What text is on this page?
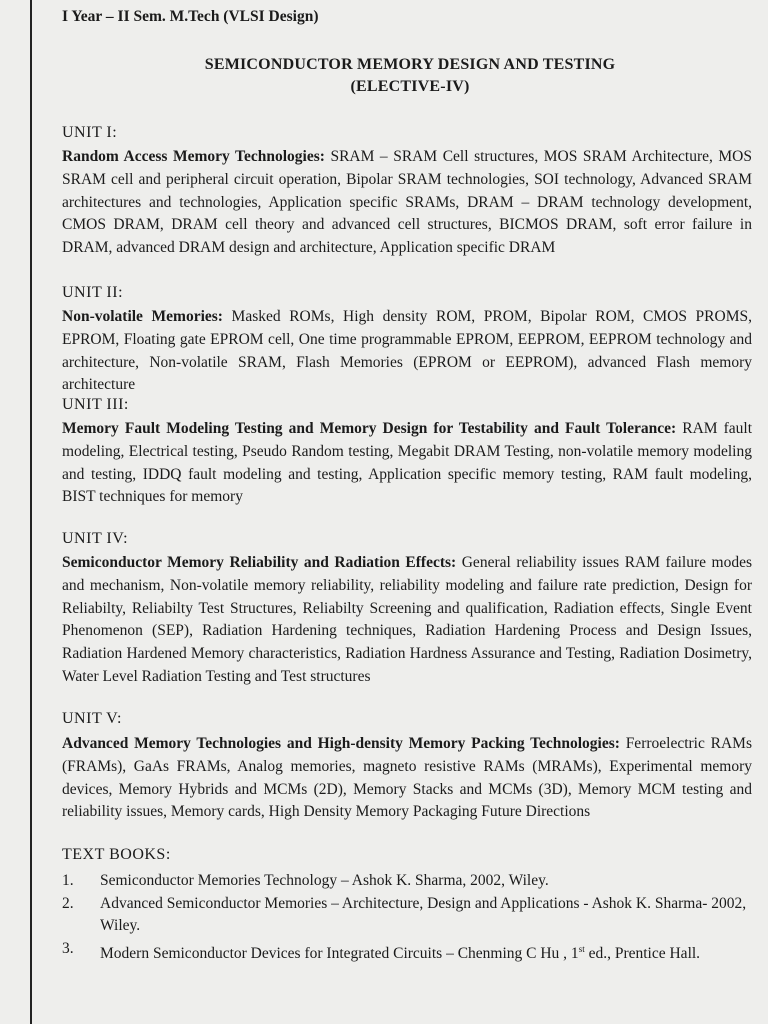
I Year – II Sem. M.Tech (VLSI Design)
SEMICONDUCTOR MEMORY DESIGN AND TESTING
(ELECTIVE-IV)
UNIT I:
Random Access Memory Technologies: SRAM – SRAM Cell structures, MOS SRAM Architecture, MOS SRAM cell and peripheral circuit operation, Bipolar SRAM technologies, SOI technology, Advanced SRAM architectures and technologies, Application specific SRAMs, DRAM – DRAM technology development, CMOS DRAM, DRAM cell theory and advanced cell structures, BICMOS DRAM, soft error failure in DRAM, advanced DRAM design and architecture, Application specific DRAM
UNIT II:
Non-volatile Memories: Masked ROMs, High density ROM, PROM, Bipolar ROM, CMOS PROMS, EPROM, Floating gate EPROM cell, One time programmable EPROM, EEPROM, EEPROM technology and architecture, Non-volatile SRAM, Flash Memories (EPROM or EEPROM), advanced Flash memory architecture
UNIT III:
Memory Fault Modeling Testing and Memory Design for Testability and Fault Tolerance: RAM fault modeling, Electrical testing, Pseudo Random testing, Megabit DRAM Testing, non-volatile memory modeling and testing, IDDQ fault modeling and testing, Application specific memory testing, RAM fault modeling, BIST techniques for memory
UNIT IV:
Semiconductor Memory Reliability and Radiation Effects: General reliability issues RAM failure modes and mechanism, Non-volatile memory reliability, reliability modeling and failure rate prediction, Design for Reliabilty, Reliabilty Test Structures, Reliabilty Screening and qualification, Radiation effects, Single Event Phenomenon (SEP), Radiation Hardening techniques, Radiation Hardening Process and Design Issues, Radiation Hardened Memory characteristics, Radiation Hardness Assurance and Testing, Radiation Dosimetry, Water Level Radiation Testing and Test structures
UNIT V:
Advanced Memory Technologies and High-density Memory Packing Technologies: Ferroelectric RAMs (FRAMs), GaAs FRAMs, Analog memories, magneto resistive RAMs (MRAMs), Experimental memory devices, Memory Hybrids and MCMs (2D), Memory Stacks and MCMs (3D), Memory MCM testing and reliability issues, Memory cards, High Density Memory Packaging Future Directions
TEXT BOOKS:
1. Semiconductor Memories Technology – Ashok K. Sharma, 2002, Wiley.
2. Advanced Semiconductor Memories – Architecture, Design and Applications - Ashok K. Sharma- 2002, Wiley.
3. Modern Semiconductor Devices for Integrated Circuits – Chenming C Hu , 1st ed., Prentice Hall.
